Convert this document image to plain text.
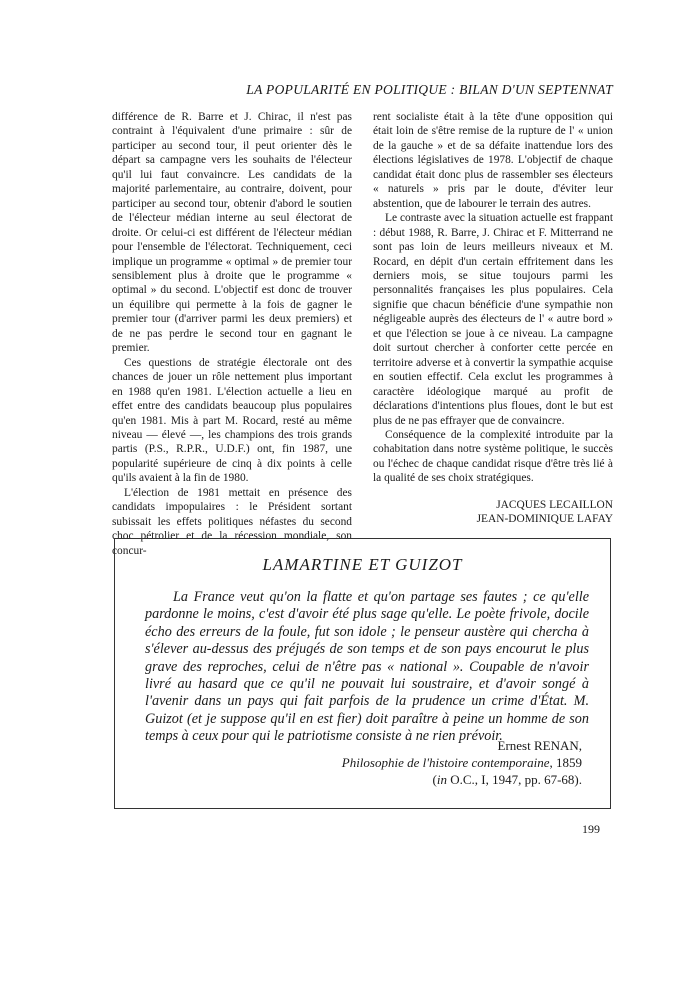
LA POPULARITÉ EN POLITIQUE : BILAN D'UN SEPTENNAT

différence de R. Barre et J. Chirac, il n'est pas contraint à l'équivalent d'une primaire : sûr de participer au second tour, il peut orienter dès le départ sa campagne vers les souhaits de l'électeur qu'il lui faut convaincre. Les candidats de la majorité parlementaire, au contraire, doivent, pour participer au second tour, obtenir d'abord le soutien de l'électeur médian interne au seul électorat de droite. Or celui-ci est différent de l'électeur médian pour l'ensemble de l'électorat. Techniquement, ceci implique un programme « optimal » de premier tour sensiblement plus à droite que le programme « optimal » du second. L'objectif est donc de trouver un équilibre qui permette à la fois de gagner le premier tour (d'arriver parmi les deux premiers) et de ne pas perdre le second tour en gagnant le premier.

Ces questions de stratégie électorale ont des chances de jouer un rôle nettement plus important en 1988 qu'en 1981. L'élection actuelle a lieu en effet entre des candidats beaucoup plus populaires qu'en 1981. Mis à part M. Rocard, resté au même niveau — élevé —, les champions des trois grands partis (P.S., R.P.R., U.D.F.) ont, fin 1987, une popularité supérieure de cinq à dix points à celle qu'ils avaient à la fin de 1980.

L'élection de 1981 mettait en présence des candidats impopulaires : le Président sortant subissait les effets politiques néfastes du second choc pétrolier et de la récession mondiale, son concur-

rent socialiste était à la tête d'une opposition qui était loin de s'être remise de la rupture de l' « union de la gauche » et de sa défaite inattendue lors des élections législatives de 1978. L'objectif de chaque candidat était donc plus de rassembler ses électeurs « naturels » pris par le doute, d'éviter leur abstention, que de labourer le terrain des autres.

Le contraste avec la situation actuelle est frappant : début 1988, R. Barre, J. Chirac et F. Mitterrand ne sont pas loin de leurs meilleurs niveaux et M. Rocard, en dépit d'un certain effritement dans les derniers mois, se situe toujours parmi les personnalités françaises les plus populaires. Cela signifie que chacun bénéficie d'une sympathie non négligeable auprès des électeurs de l' « autre bord » et que l'élection se joue à ce niveau. La campagne doit surtout chercher à conforter cette percée en territoire adverse et à convertir la sympathie acquise en soutien effectif. Cela exclut les programmes à caractère idéologique marqué au profit de déclarations d'intentions plus floues, dont le but est plus de ne pas effrayer que de convaincre.

Conséquence de la complexité introduite par la cohabitation dans notre système politique, le succès ou l'échec de chaque candidat risque d'être très lié à la qualité de ses choix stratégiques.

JACQUES LECAILLON
JEAN-DOMINIQUE LAFAY
LAMARTINE ET GUIZOT

La France veut qu'on la flatte et qu'on partage ses fautes ; ce qu'elle pardonne le moins, c'est d'avoir été plus sage qu'elle. Le poète frivole, docile écho des erreurs de la foule, fut son idole ; le penseur austère qui chercha à s'élever au-dessus des préjugés de son temps et de son pays encourut le plus grave des reproches, celui de n'être pas « national ». Coupable de n'avoir livré au hasard que ce qu'il ne pouvait lui soustraire, et d'avoir songé à l'avenir dans un pays qui fait parfois de la prudence un crime d'État. M. Guizot (et je suppose qu'il en est fier) doit paraître à peine un homme de son temps à ceux pour qui le patriotisme consiste à ne rien prévoir.

Ernest RENAN,
Philosophie de l'histoire contemporaine, 1859
(in O.C., I, 1947, pp. 67-68).
199
